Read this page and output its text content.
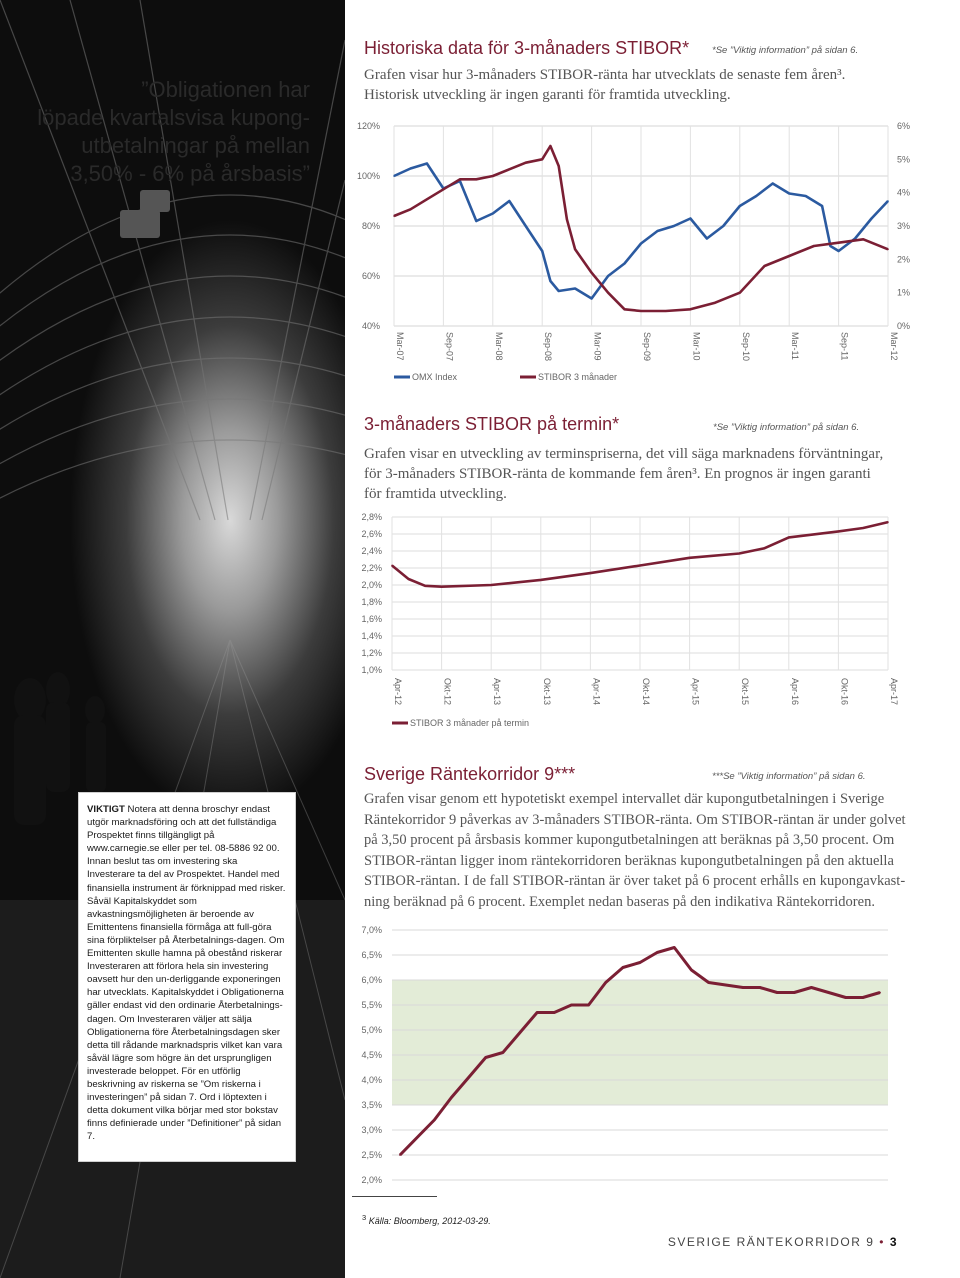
”Obligationen har
löpade kvartalsvisa kupong-
utbetalningar på mellan
3,50% - 6% på årsbasis”
VIKTIGT Notera att denna broschyr endast utgör marknadsföring och att det fullständiga Prospektet finns tillgängligt på www.carnegie.se eller per tel. 08-5886 92 00. Innan beslut tas om investering ska Investerare ta del av Prospektet. Handel med finansiella instrument är förknippad med risker. Såväl Kapitalskyddet som avkastningsmöjligheten är beroende av Emittentens finansiella förmåga att full-göra sina förpliktelser på Återbetalnings-dagen. Om Emittenten skulle hamna på obestånd riskerar Investeraren att förlora hela sin investering oavsett hur den un-derliggande exponeringen har utvecklats. Kapitalskyddet i Obligationerna gäller endast vid den ordinarie Återbetalnings-dagen. Om Investeraren väljer att sälja Obligationerna före Återbetalningsdagen sker detta till rådande marknadspris vilket kan vara såväl lägre som högre än det ursprungligen investerade beloppet. För en utförlig beskrivning av riskerna se ”Om riskerna i investeringen” på sidan 7. Ord i löptexten i detta dokument vilka börjar med stor bokstav finns definierade under ”Definitioner” på sidan 7.
Historiska data för 3-månaders STIBOR* *Se ”Viktig information” på sidan 6.
Grafen visar hur 3-månaders STIBOR-ränta har utvecklats de senaste fem åren³.
Historisk utveckling är ingen garanti för framtida utveckling.
120%
100%
80%
60%
40%
6%
5%
4%
3%
2%
1%
0%
Mar-07	Sep-07	Mar-08	Sep-08	Mar-09	Sep-09	Mar-10	Sep-10	Mar-11	Sep-11	Mar-12
OMX Index	STIBOR 3 månader
3-månaders STIBOR på termin*	*Se ”Viktig information” på sidan 6.
Grafen visar en utveckling av terminspriserna, det vill säga marknadens förväntningar,
för 3-månaders STIBOR-ränta de kommande fem åren³. En prognos är ingen garanti
för framtida utveckling.
2,8%
2,6%
2,4%
2,2%
2,0%
1,8%
1,6%
1,4%
1,2%
1,0%
Apr-12	Okt-12	Apr-13	Okt-13	Apr-14	Okt-14	Apr-15	Okt-15	Apr-16	Okt-16	Apr-17
STIBOR 3 månader på termin
Sverige Räntekorridor 9***	***Se ”Viktig information” på sidan 6.
Grafen visar genom ett hypotetiskt exempel intervallet där kupongutbetalningen i Sverige
Räntekorridor 9 påverkas av 3-månaders STIBOR-ränta. Om STIBOR-räntan är under golvet
på 3,50 procent på årsbasis kommer kupongutbetalningen att beräknas på 3,50 procent. Om
STIBOR-räntan ligger inom räntekorridoren beräknas kupongutbetalningen på den aktuella
STIBOR-räntan. I de fall STIBOR-räntan är över taket på 6 procent erhålls en kupongavkast-
ning beräknad på 6 procent. Exemplet nedan baseras på den indikativa Räntekorridoren.
7,0%
6,5%
6,0%
5,5%
5,0%
4,5%
4,0%
3,5%
3,0%
2,5%
2,0%
$^3$ Källa: Bloomberg, 2012-03-29.
SVERIGE RÄNTEKORRIDOR 9 • 3
